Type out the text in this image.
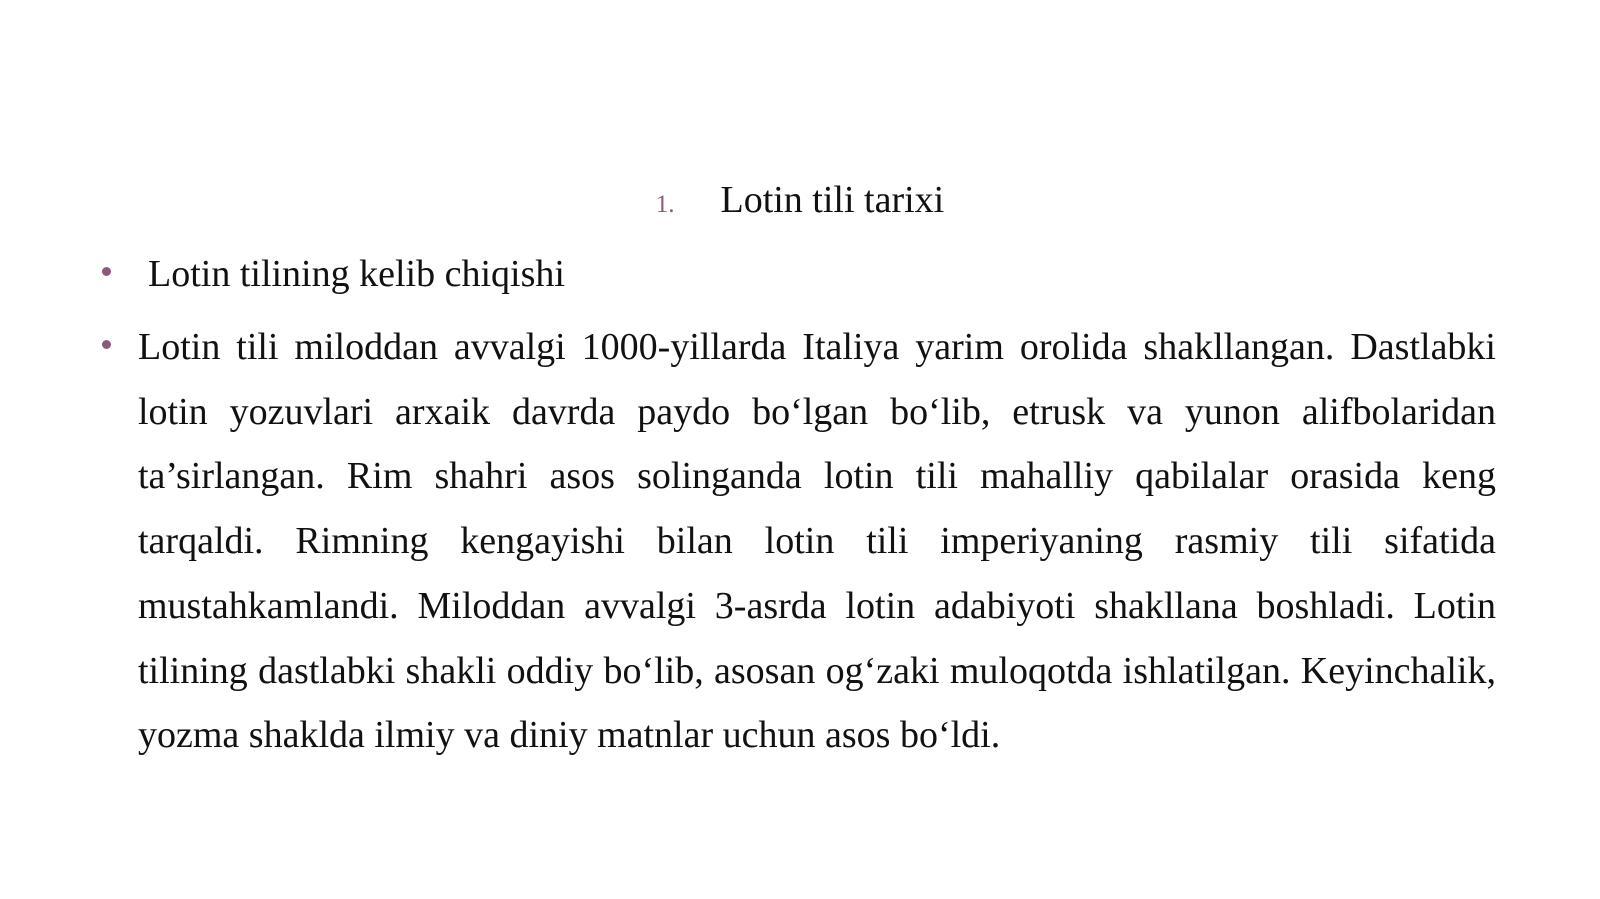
1. Lotin tili tarixi
Lotin tilining kelib chiqishi
Lotin tili miloddan avvalgi 1000-yillarda Italiya yarim orolida shakllangan. Dastlabki lotin yozuvlari arxaik davrda paydo bo‘lgan bo‘lib, etrusk va yunon alifbolaridan ta’sirlangan. Rim shahri asos solinganda lotin tili mahalliy qabilalar orasida keng tarqaldi. Rimning kengayishi bilan lotin tili imperiyaning rasmiy tili sifatida mustahkamlandi. Miloddan avvalgi 3-asrda lotin adabiyoti shakllana boshladi. Lotin tilining dastlabki shakli oddiy bo‘lib, asosan og‘zaki muloqotda ishlatilgan. Keyinchalik, yozma shaklda ilmiy va diniy matnlar uchun asos bo‘ldi.
